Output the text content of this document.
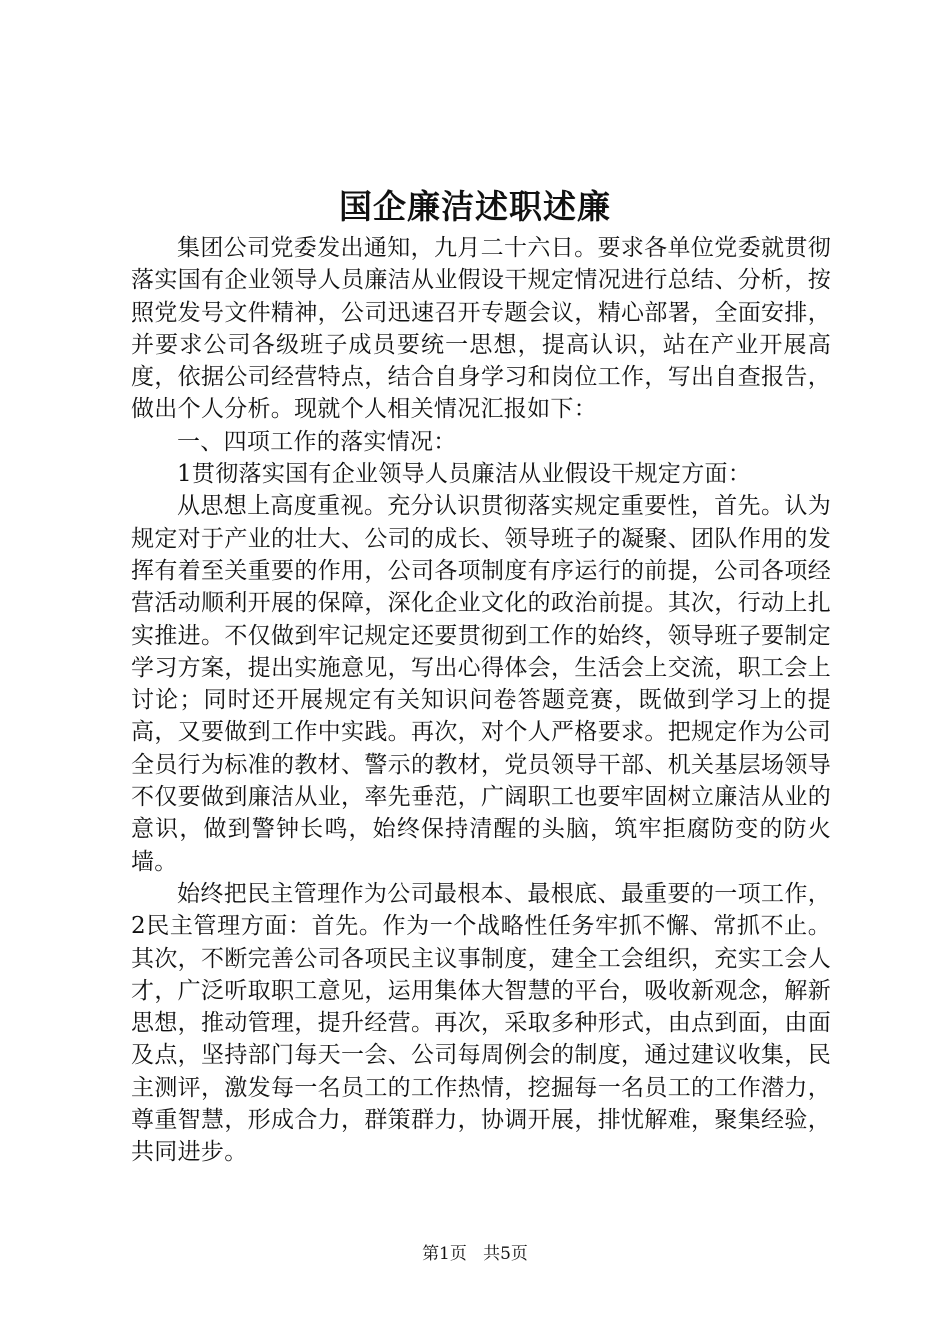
国企廉洁述职述廉

集团公司党委发出通知，九月二十六日。要求各单位党委就贯彻落实国有企业领导人员廉洁从业假设干规定情况进行总结、分析，按照党发号文件精神，公司迅速召开专题会议，精心部署，全面安排，并要求公司各级班子成员要统一思想，提高认识，站在产业开展高度，依据公司经营特点，结合自身学习和岗位工作，写出自查报告，做出个人分析。现就个人相关情况汇报如下：

一、四项工作的落实情况：

1贯彻落实国有企业领导人员廉洁从业假设干规定方面：

从思想上高度重视。充分认识贯彻落实规定重要性，首先。认为规定对于产业的壮大、公司的成长、领导班子的凝聚、团队作用的发挥有着至关重要的作用，公司各项制度有序运行的前提，公司各项经营活动顺利开展的保障，深化企业文化的政治前提。其次，行动上扎实推进。不仅做到牢记规定还要贯彻到工作的始终，领导班子要制定学习方案，提出实施意见，写出心得体会，生活会上交流，职工会上讨论；同时还开展规定有关知识问卷答题竞赛，既做到学习上的提高，又要做到工作中实践。再次，对个人严格要求。把规定作为公司全员行为标准的教材、警示的教材，党员领导干部、机关基层场领导不仅要做到廉洁从业，率先垂范，广阔职工也要牢固树立廉洁从业的意识，做到警钟长鸣，始终保持清醒的头脑，筑牢拒腐防变的防火墙。

始终把民主管理作为公司最根本、最根底、最重要的一项工作，2民主管理方面：首先。作为一个战略性任务牢抓不懈、常抓不止。其次，不断完善公司各项民主议事制度，建全工会组织，充实工会人才，广泛听取职工意见，运用集体大智慧的平台，吸收新观念，解新思想，推动管理，提升经营。再次，采取多种形式，由点到面，由面及点，坚持部门每天一会、公司每周例会的制度，通过建议收集，民主测评，激发每一名员工的工作热情，挖掘每一名员工的工作潜力，尊重智慧，形成合力，群策群力，协调开展，排忧解难，聚集经验，共同进步。

第1页 共5页
